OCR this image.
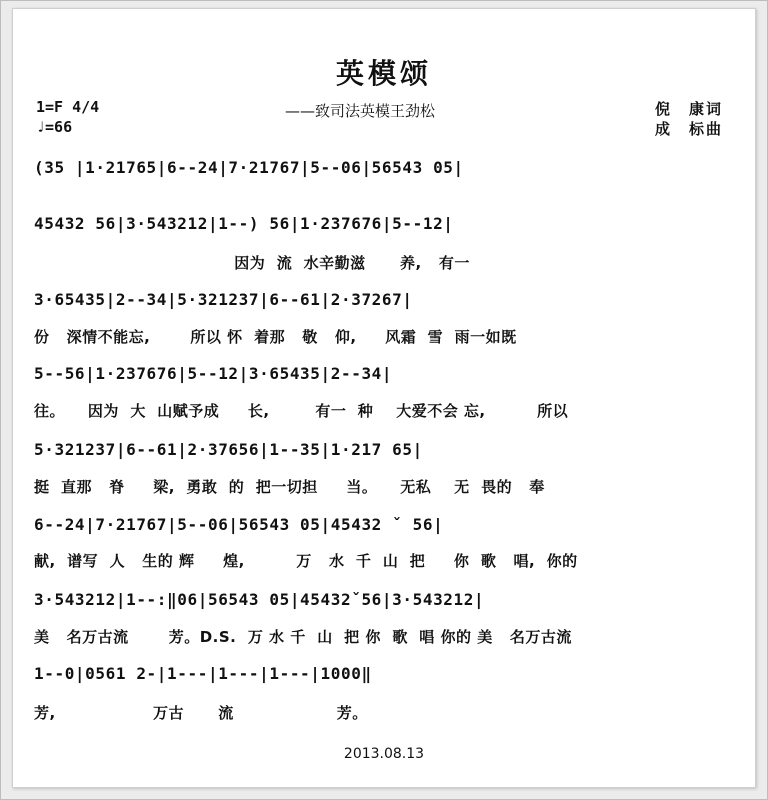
英模颂
——致司法英模王劲松
1=F 4/4
♩=66
倪　康词
成　标曲
(35 |1·21765|6--24|7·21767|5--06|56543 05|
45432 56|3·543212|1--) 56|1·237676|5--12|
因为  流  水辛勤滋      养,   有一
3·65435|2--34|5·321237|6--61|2·37267|
份   深情不能忘,       所以 怀  着那   敬   仰,     风霜  雪  雨一如既
5--56|1·237676|5--12|3·65435|2--34|
往。    因为  大  山赋予成     长,        有一  种    大爱不会 忘,         所以
5·321237|6--61|2·37656|1--35|1·217 65|
挺  直那   脊     梁,  勇敢  的  把一切担     当。    无私    无  畏的   奉
6--24|7·21767|5--06|56543 05|45432 ˇ 56|
献,  谱写  人   生的 辉     煌,         万   水  千  山  把     你  歌   唱,  你的
3·543212|1--:‖06|56543 05|45432ˇ56|3·543212|
美   名万古流       芳。D.S.  万 水 千  山  把 你  歌  唱 你的 美   名万古流
1--0|0561 2-|1---|1---|1---|1000‖
芳,                 万古      流                  芳。
2013.08.13
